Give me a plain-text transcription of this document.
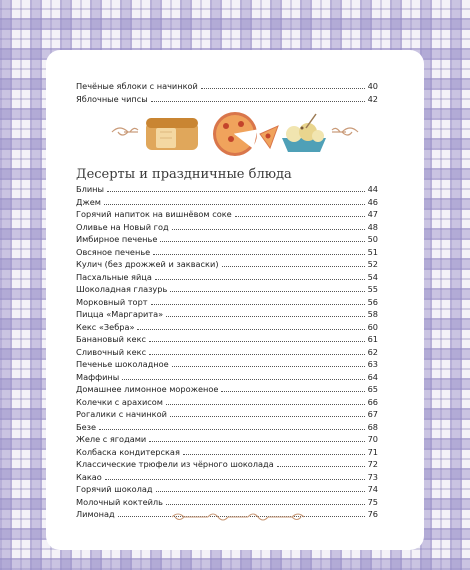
Печёные яблоки с начинкой	40
Яблочные чипсы	42
Десерты и праздничные блюда
Блины	44
Джем	46
Горячий напиток на вишнёвом соке	47
Оливье на Новый год	48
Имбирное печенье	50
Овсяное печенье	51
Кулич (без дрожжей и закваски)	52
Пасхальные яйца	54
Шоколадная глазурь	55
Морковный торт	56
Пицца «Маргарита»	58
Кекс «Зебра»	60
Банановый кекс	61
Сливочный кекс	62
Печенье шоколадное	63
Маффины	64
Домашнее лимонное мороженое	65
Колечки с арахисом	66
Рогалики с начинкой	67
Безе	68
Желе с ягодами	70
Колбаска кондитерская	71
Классические трюфели из чёрного шоколада	72
Какао	73
Горячий шоколад	74
Молочный коктейль	75
Лимонад	76
